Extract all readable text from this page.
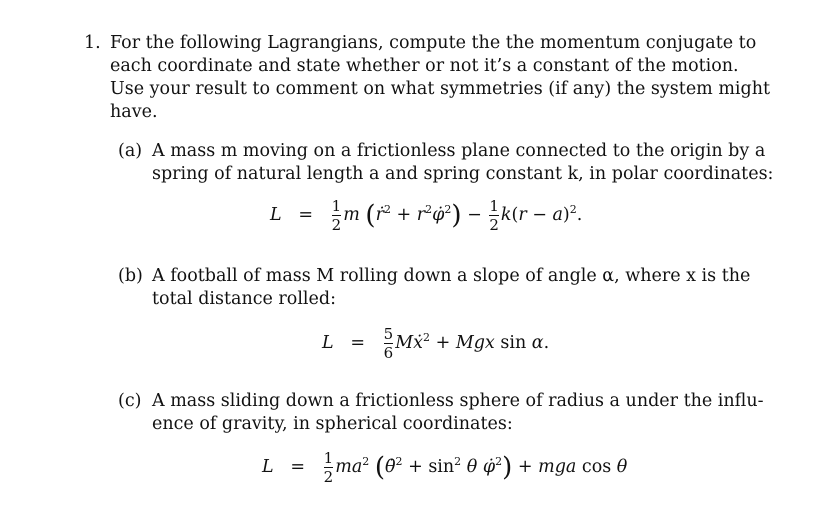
1. For the following Lagrangians, compute the the momentum conjugate to
each coordinate and state whether or not it’s a constant of the motion.
Use your result to comment on what symmetries (if any) the system might
have.
(a) A mass m moving on a frictionless plane connected to the origin by a
spring of natural length a and spring constant k, in polar coordinates:
$L = \frac{1}{2}$ m (ṙ$^2$ + $r^2\varphi̇^2) - \frac{1}{2} k(r - a)^2$.
(b) A football of mass M rolling down a slope of angle α, where x is the
total distance rolled:
$L = \frac{5}{6}$ Mẋ$^2$ + Mgx sin α.
(c) A mass sliding down a frictionless sphere of radius a under the influ-
ence of gravity, in spherical coordinates:
$L = \frac{1}{2} ma^2$ (θ̇$^2$ + $\sin^2 \theta$ φ̇$^2$) + mga cos θ
